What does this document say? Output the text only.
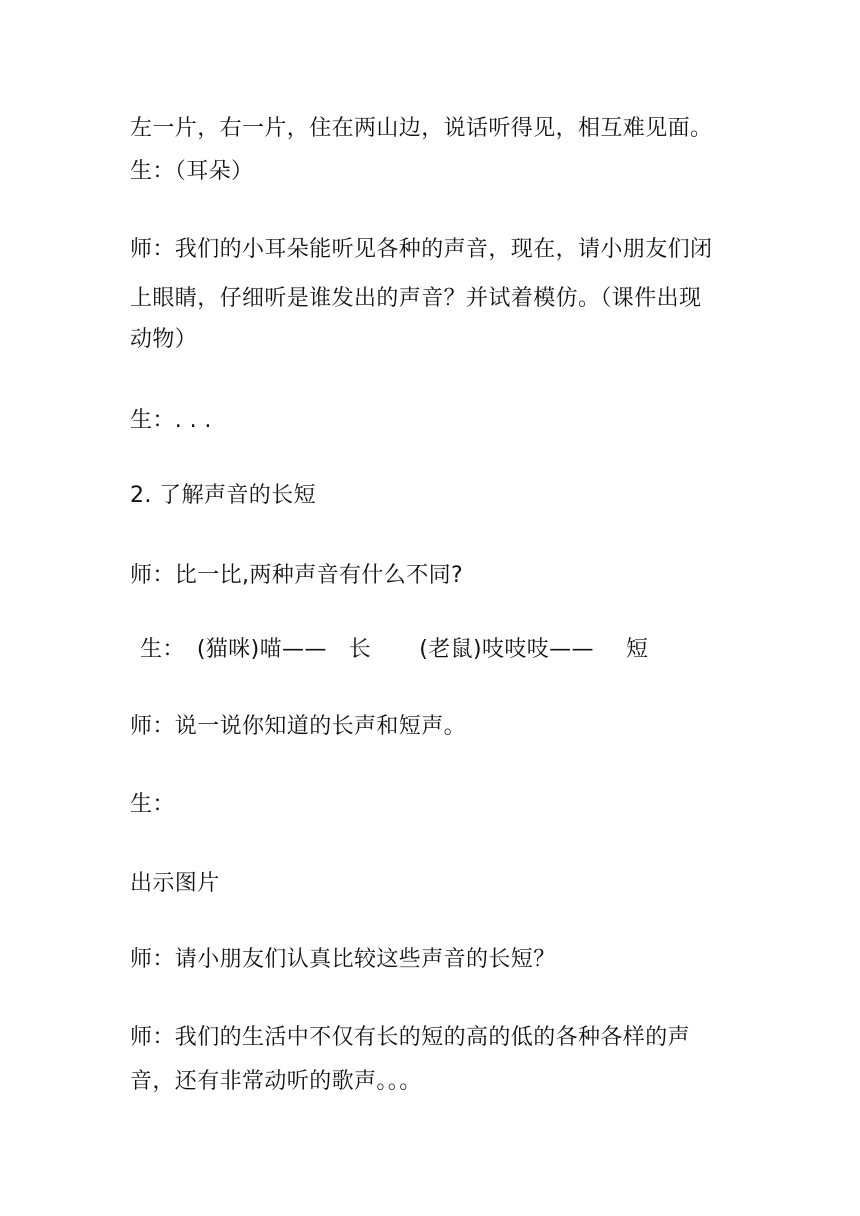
左一片，右一片，住在两山边，说话听得见，相互难见面。
生：（耳朵）
师：我们的小耳朵能听见各种的声音，现在，请小朋友们闭
上眼睛，仔细听是谁发出的声音？并试着模仿。（课件出现
动物）
生：. . .
2. 了解声音的长短
师：比一比,两种声音有什么不同?
生： (猫咪)喵—— 长 (老鼠)吱吱吱—— 短
师：说一说你知道的长声和短声。
生：
出示图片
师：请小朋友们认真比较这些声音的长短？
师：我们的生活中不仅有长的短的高的低的各种各样的声
音，还有非常动听的歌声。。。
